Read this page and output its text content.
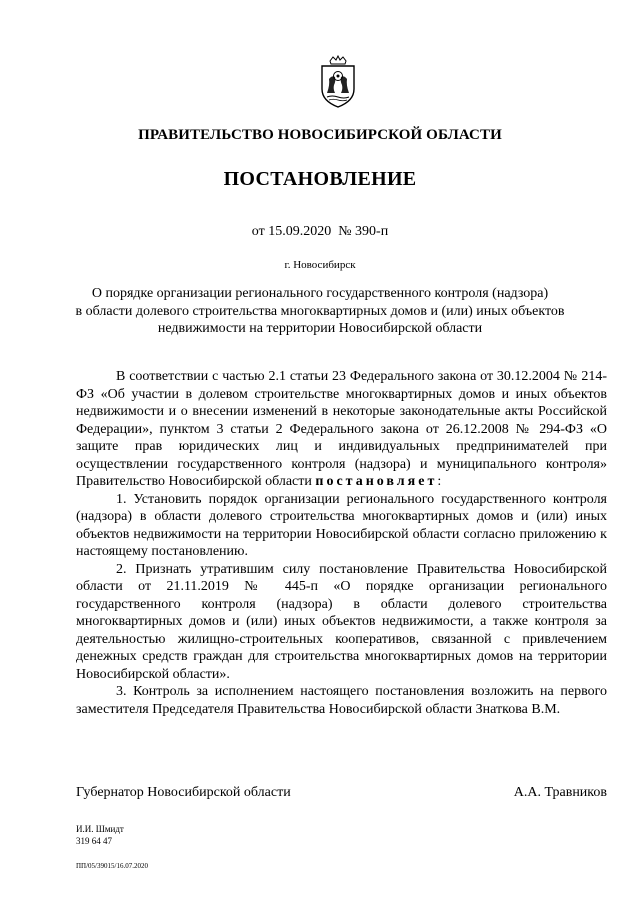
ПРАВИТЕЛЬСТВО НОВОСИБИРСКОЙ ОБЛАСТИ
ПОСТАНОВЛЕНИЕ
от 15.09.2020  № 390-п
г. Новосибирск
О порядке организации регионального государственного контроля (надзора)
в области долевого строительства многоквартирных домов и (или) иных объектов
недвижимости на территории Новосибирской области

В соответствии с частью 2.1 статьи 23 Федерального закона от 30.12.2004 № 214-ФЗ «Об участии в долевом строительстве многоквартирных домов и иных объектов недвижимости и о внесении изменений в некоторые законодательные акты Российской Федерации», пунктом 3 статьи 2 Федерального закона от 26.12.2008 № 294-ФЗ «О защите прав юридических лиц и индивидуальных предпринимателей при осуществлении государственного контроля (надзора) и муниципального контроля» Правительство Новосибирской области постановляет:

1. Установить порядок организации регионального государственного контроля (надзора) в области долевого строительства многоквартирных домов и (или) иных объектов недвижимости на территории Новосибирской области согласно приложению к настоящему постановлению.

2. Признать утратившим силу постановление Правительства Новосибирской области от 21.11.2019 № 445-п «О порядке организации регионального государственного контроля (надзора) в области долевого строительства многоквартирных домов и (или) иных объектов недвижимости, а также контроля за деятельностью жилищно-строительных кооперативов, связанной с привлечением денежных средств граждан для строительства многоквартирных домов на территории Новосибирской области».

3. Контроль за исполнением настоящего постановления возложить на первого заместителя Председателя Правительства Новосибирской области Знаткова В.М.

Губернатор Новосибирской области	А.А. Травников
И.И. Шмидт
319 64 47
ПП/05/39015/16.07.2020
